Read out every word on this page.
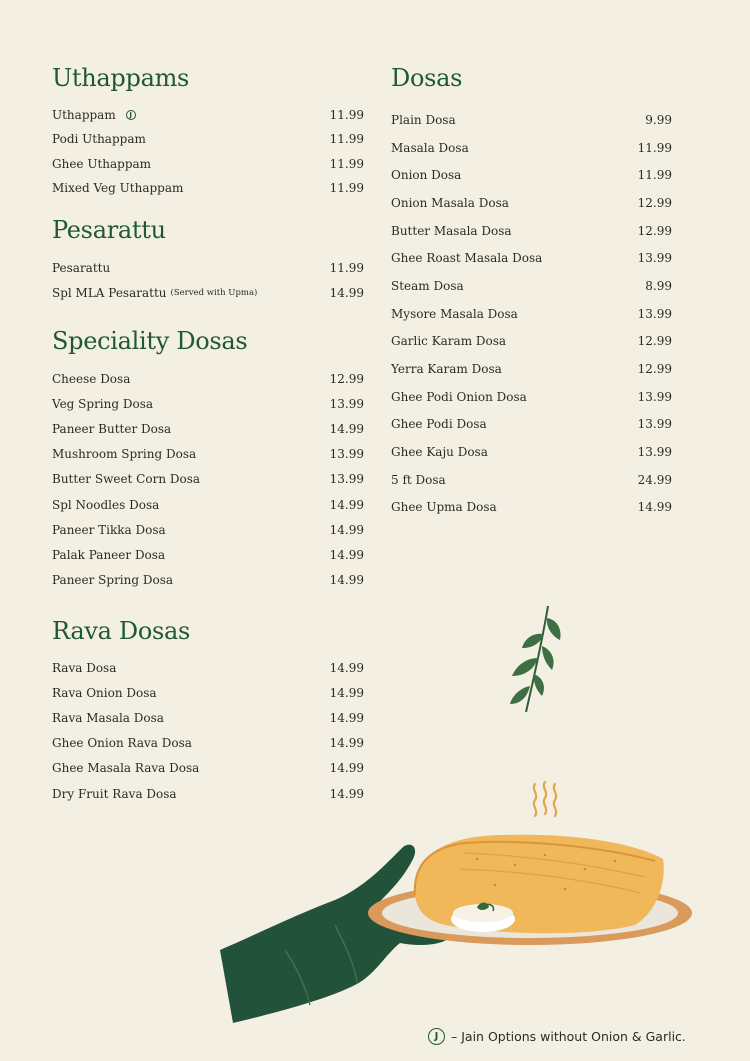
Uthappams
Uthappam	J	11.99
Podi Uthappam	11.99
Ghee Uthappam	11.99
Mixed Veg Uthappam	11.99
Pesarattu
Pesarattu	11.99
Spl MLA Pesarattu (Served with Upma)	14.99
Speciality Dosas
Cheese Dosa	12.99
Veg Spring Dosa	13.99
Paneer Butter Dosa	14.99
Mushroom Spring Dosa	13.99
Butter Sweet Corn Dosa	13.99
Spl Noodles Dosa	14.99
Paneer Tikka Dosa	14.99
Palak Paneer Dosa	14.99
Paneer Spring Dosa	14.99
Rava Dosas
Rava Dosa	14.99
Rava Onion Dosa	14.99
Rava Masala Dosa	14.99
Ghee Onion Rava Dosa	14.99
Ghee Masala Rava Dosa	14.99
Dry Fruit Rava Dosa	14.99
Dosas
Plain Dosa	9.99
Masala Dosa	11.99
Onion Dosa	11.99
Onion Masala Dosa	12.99
Butter Masala Dosa	12.99
Ghee Roast Masala Dosa	13.99
Steam Dosa	8.99
Mysore Masala Dosa	13.99
Garlic Karam Dosa	12.99
Yerra Karam Dosa	12.99
Ghee Podi Onion Dosa	13.99
Ghee Podi Dosa	13.99
Ghee Kaju Dosa	13.99
5 ft Dosa	24.99
Ghee Upma Dosa	14.99
J	– Jain Options without Onion & Garlic.
